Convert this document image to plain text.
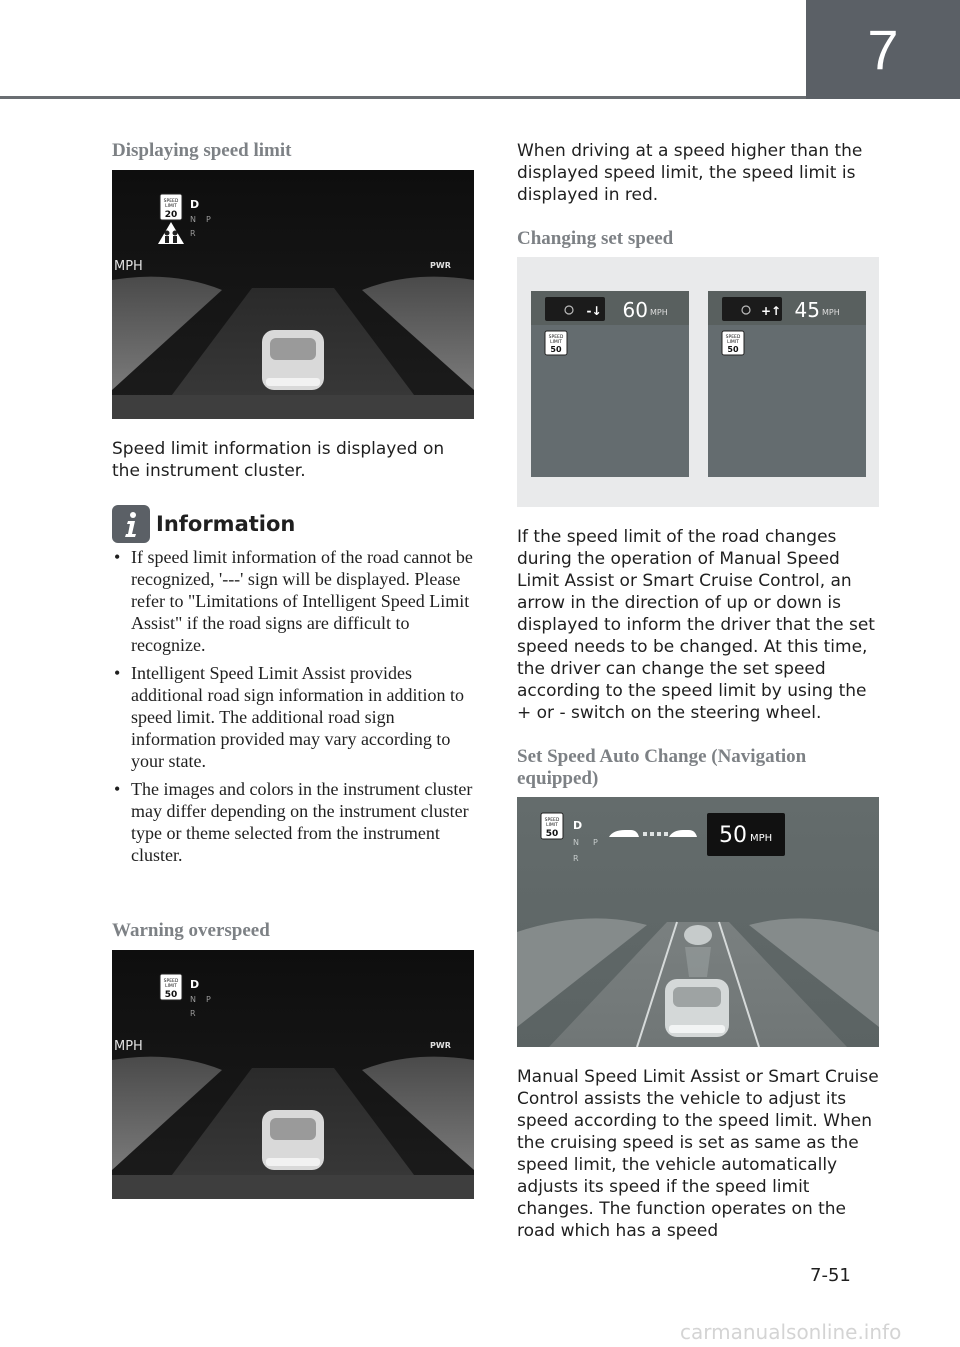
7
Displaying speed limit
SPEED
LIMIT
20
D
N
R
P
MPH	PWR
Speed limit information is displayed on the instrument cluster.
Information
• If speed limit information of the road cannot be recognized, '---' sign will be displayed. Please refer to "Limitations of Intelligent Speed Limit Assist" if the road signs are difficult to recognize.
• Intelligent Speed Limit Assist provides additional road sign information in addition to speed limit. The additional road sign information provided may vary according to your state.
• The images and colors in the instrument cluster may differ depending on the instrument cluster type or theme selected from the instrument cluster.
Warning overspeed
SPEED
LIMIT
50
D
N
R
P
MPH	PWR
When driving at a speed higher than the displayed speed limit, the speed limit is displayed in red.
Changing set speed
-↓ 60 MPH
SPEED
LIMIT
50
+↑ 45 MPH
SPEED
LIMIT
50
If the speed limit of the road changes during the operation of Manual Speed Limit Assist or Smart Cruise Control, an arrow in the direction of up or down is displayed to inform the driver that the set speed needs to be changed. At this time, the driver can change the set speed according to the speed limit by using the + or - switch on the steering wheel.
Set Speed Auto Change (Navigation equipped)
SPEED
LIMIT
50
D
N
R
P	50 MPH
Manual Speed Limit Assist or Smart Cruise Control assists the vehicle to adjust its speed according to the speed limit. When the cruising speed is set as same as the speed limit, the vehicle automatically adjusts its speed if the speed limit changes. The function operates on the road which has a speed
7-51
carmanualsonline.info
